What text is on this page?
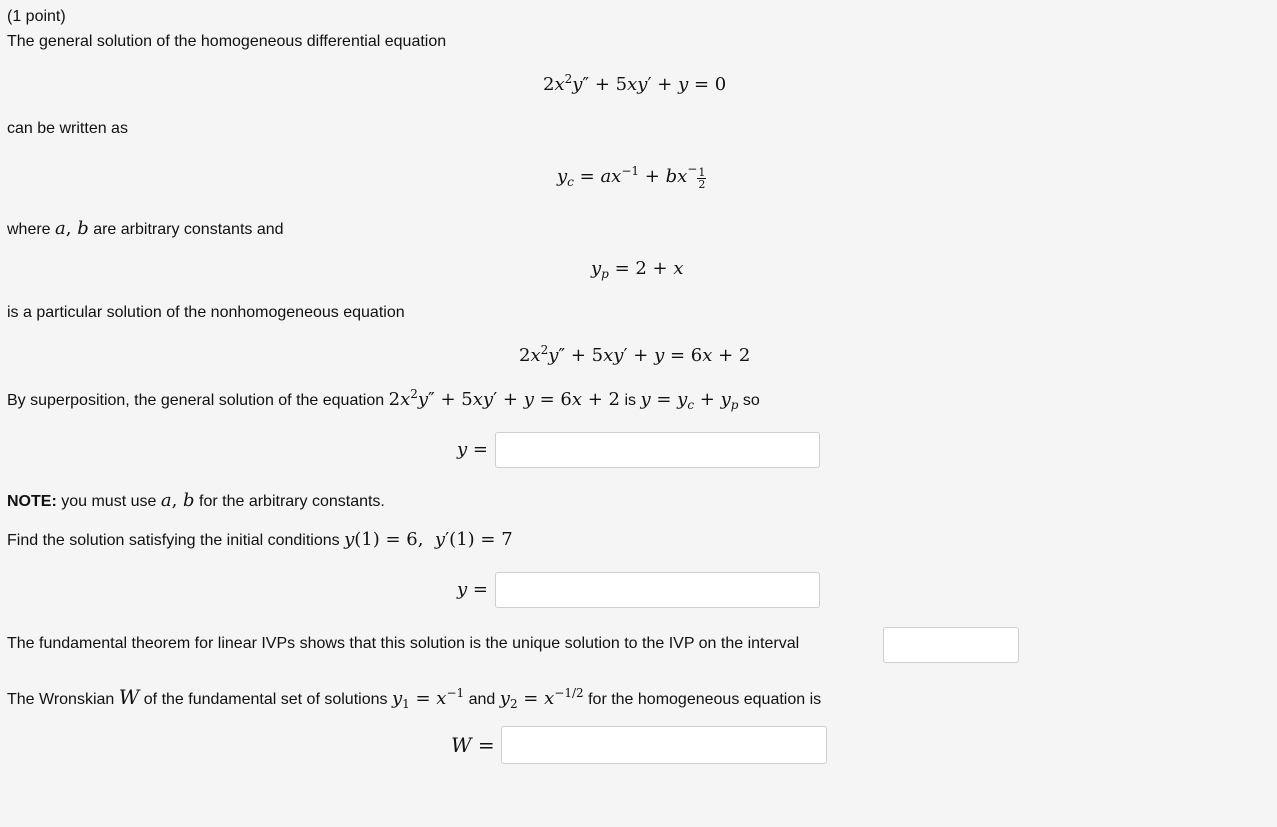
(1 point)
The general solution of the homogeneous differential equation
$2x^2y'' + 5xy' + y = 0$
can be written as
$y_c = ax^{-1} + bx^- \frac{1}{2}$
where a, b are arbitrary constants and
$y_p = 2 + x$
is a particular solution of the nonhomogeneous equation
$2x^2y'' + 5xy' + y = 6x + 2$
By superposition, the general solution of the equation $2x^2y'' + 5xy' + y = 6x + 2$ is $y = y_c + y_p$ so
y =
NOTE: you must use a, b for the arbitrary constants.
Find the solution satisfying the initial conditions y(1) = 6,  y′(1) = 7
y =
The fundamental theorem for linear IVPs shows that this solution is the unique solution to the IVP on the interval
The Wronskian W of the fundamental set of solutions $y_1 = x^{-1}$ and $y_2 = x^{-1/2}$ for the homogeneous equation is
W =
